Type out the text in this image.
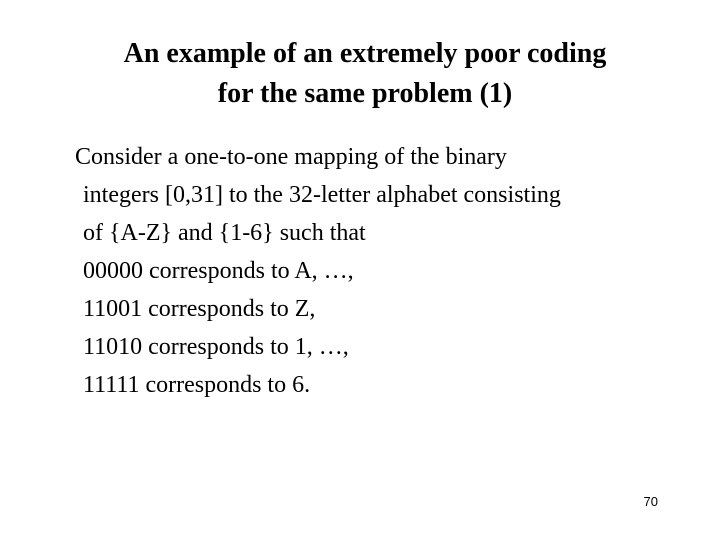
An example of an extremely poor coding
for the same problem (1)
Consider a one-to-one mapping of the binary
integers [0,31] to the 32-letter alphabet consisting
of {A-Z} and {1-6} such that
00000 corresponds to A, …,
11001 corresponds to Z,
11010 corresponds to 1, …,
11111 corresponds to 6.
70
